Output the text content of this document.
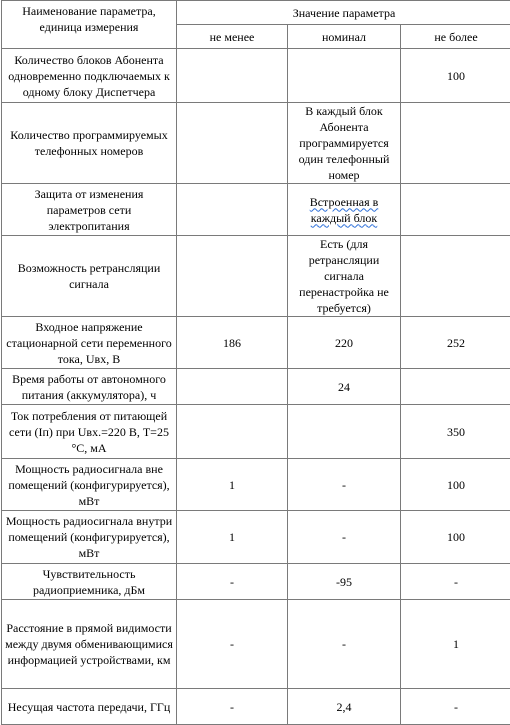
Наименование параметра, единица измерения	Значение параметра		
	не менее	номинал	не более
Количество блоков Абонента одновременно подключаемых к одному блоку Диспетчера			100
Количество программируемых телефонных номеров		В каждый блок Абонента программируется один телефонный номер	
Защита от изменения параметров сети электропитания		Встроенная в каждый блок	
Возможность ретрансляции сигнала		Есть (для ретрансляции сигнала перенастройка не требуется)	
Входное напряжение стационарной сети переменного тока, Uвх, В	186	220	252
Время работы от автономного питания (аккумулятора), ч		24	
Ток потребления от питающей сети (Iп) при Uвх.=220 В, Т=25 °С, мА			350
Мощность радиосигнала вне помещений (конфигурируется), мВт	1	-	100
Мощность радиосигнала внутри помещений (конфигурируется), мВт	1	-	100
Чувствительность радиоприемника, дБм	-	-95	-
Расстояние в прямой видимости между двумя обменивающимися информацией устройствами, км	-	-	1
Несущая частота передачи, ГГц	-	2,4	-
